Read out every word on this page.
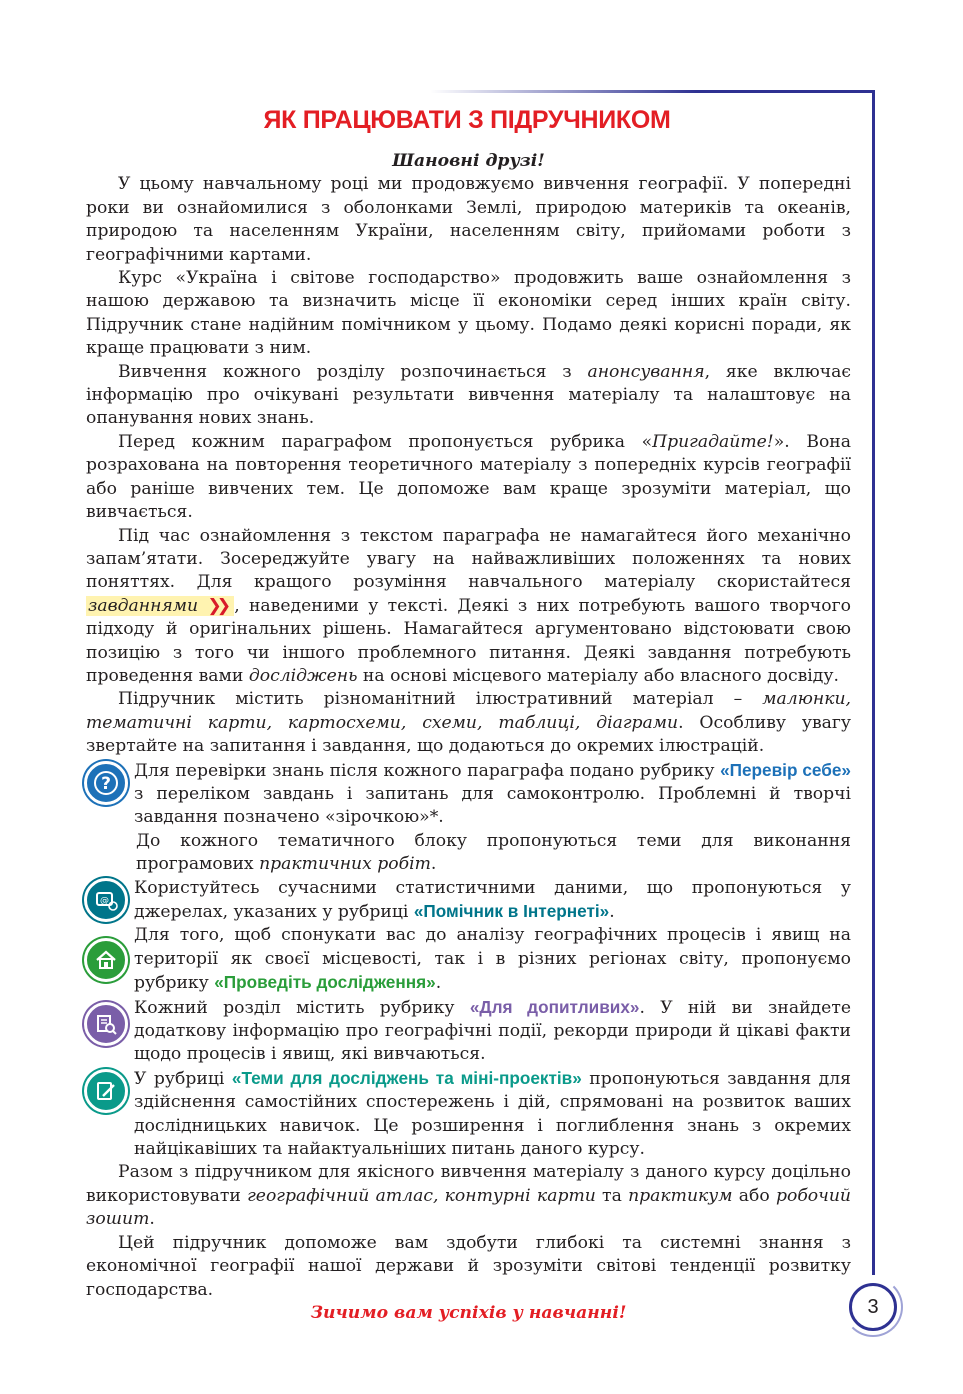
ЯК ПРАЦЮВАТИ З ПІДРУЧНИКОМ

Шановні друзі!

У цьому навчальному році ми продовжуємо вивчення географії. У попередні роки ви ознайомилися з оболонками Землі, природою материків та океанів, природою та населенням України, населенням світу, прийомами роботи з географічними картами.

Курс «Україна і світове господарство» продовжить ваше ознайомлення з нашою державою та визначить місце її економіки серед інших країн світу. Підручник стане надійним помічником у цьому. Подамо деякі корисні поради, як краще працювати з ним.

Вивчення кожного розділу розпочинається з анонсування, яке включає інформацію про очікувані результати вивчення матеріалу та налаштовує на опанування нових знань.

Перед кожним параграфом пропонується рубрика «Пригадайте!». Вона розрахована на повторення теоретичного матеріалу з попередніх курсів географії або раніше вивчених тем. Це допоможе вам краще зрозуміти матеріал, що вивчається.

Під час ознайомлення з текстом параграфа не намагайтеся його механічно запам’ятати. Зосереджуйте увагу на найважливіших положеннях та нових поняттях. Для кращого розуміння навчального матеріалу скористайтеся завданнями ❯❯ , наведеними у тексті. Деякі з них потребують вашого творчого підходу й оригінальних рішень. Намагайтеся аргументовано відстоювати свою позицію з того чи іншого проблемного питання. Деякі завдання потребують проведення вами досліджень на основі місцевого матеріалу або власного досвіду.

Підручник містить різноманітний ілюстративний матеріал – малюнки, тематичні карти, картосхеми, схеми, таблиці, діаграми. Особливу увагу звертайте на запитання і завдання, що додаються до окремих ілюстрацій.

?

Для перевірки знань після кожного параграфа подано рубрику «Перевір себе» з переліком завдань і запитань для самоконтролю. Проблемні й творчі завдання позначено «зірочкою»*.

До кожного тематичного блоку пропонуються теми для виконання програмових практичних робіт.

@

Користуйтесь сучасними статистичними даними, що пропонуються у джерелах, указаних у рубриці «Помічник в Інтернеті».

Для того, щоб спонукати вас до аналізу географічних процесів і явищ на території як своєї місцевості, так і в різних регіонах світу, пропонуємо рубрику «Проведіть дослідження».

Кожний розділ містить рубрику «Для допитливих». У ній ви знайдете додаткову інформацію про географічні події, рекорди природи й цікаві факти щодо процесів і явищ, які вивчаються.

У рубриці «Теми для досліджень та міні-проектів» пропонуються завдання для здійснення самостійних спостережень і дій, спрямовані на розвиток ваших дослідницьких навичок. Це розширення і поглиблення знань з окремих найцікавіших та найактуальніших питань даного курсу.

Разом з підручником для якісного вивчення матеріалу з даного курсу доцільно використовувати географічний атлас, контурні карти та практикум або робочий зошит.

Цей підручник допоможе вам здобути глибокі та системні знання з економічної географії нашої держави й зрозуміти світові тенденції розвитку господарства.

Зичимо вам успіхів у навчанні!	3
